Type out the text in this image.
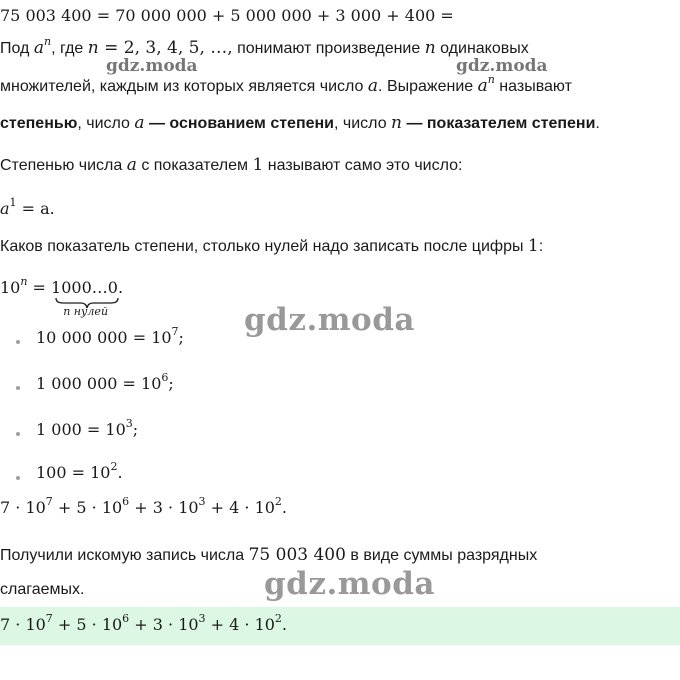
75 003 400 = 70 000 000 + 5 000 000 + 3 000 + 400 =
Под $a^n$, где n = 2, 3, 4, 5, …, понимают произведение n одинаковых
множителей, каждым из которых является число a. Выражение $a^n$ называют
степенью, число a — основанием степени, число n — показателем степени.
Степенью числа a с показателем 1 называют само это число:
$a^1 = a$.
Каков показатель степени, столько нулей надо записать после цифры 1:
$10^n$ = 1000…0
n нулей
.
10 000 $000 = 10^7$;
1 000 $000 = 10^6$;
1 $000 = 10^3$;
$100 = 10^2$.
$7 \cdot 10^7 + 5 \cdot 10^6 + 3 \cdot 10^3 + 4 \cdot 10^2$.
Получили искомую запись числа 75 003 400 в виде суммы разрядных
слагаемых.
$7 \cdot 10^7 + 5 \cdot 10^6 + 3 \cdot 10^3 + 4 \cdot 10^2$.
gdz.moda	gdz.moda
gdz.moda
gdz.moda
